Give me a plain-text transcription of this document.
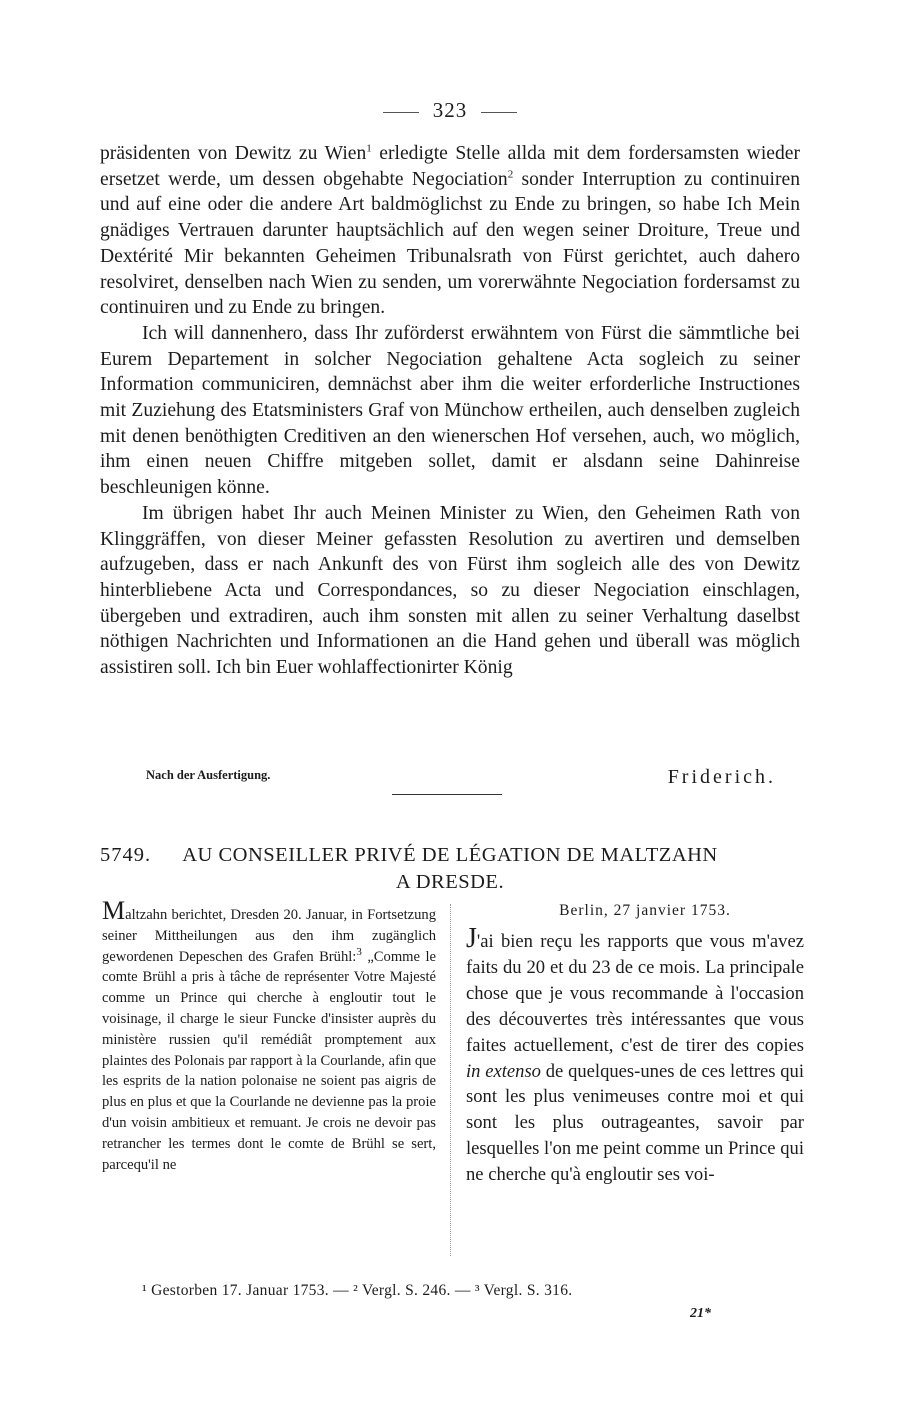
323

präsidenten von Dewitz zu Wien$^1$ erledigte Stelle allda mit dem fordersamsten wieder ersetzet werde, um dessen obgehabte Negociation$^2$ sonder Interruption zu continuiren und auf eine oder die andere Art baldmöglichst zu Ende zu bringen, so habe Ich Mein gnädiges Vertrauen darunter hauptsächlich auf den wegen seiner Droiture, Treue und Dextérité Mir bekannten Geheimen Tribunalsrath von Fürst gerichtet, auch dahero resolviret, denselben nach Wien zu senden, um vorerwähnte Negociation fordersamst zu continuiren und zu Ende zu bringen.

Ich will dannenhero, dass Ihr zuförderst erwähntem von Fürst die sämmtliche bei Eurem Departement in solcher Negociation gehaltene Acta sogleich zu seiner Information communiciren, demnächst aber ihm die weiter erforderliche Instructiones mit Zuziehung des Etatsministers Graf von Münchow ertheilen, auch denselben zugleich mit denen benöthigten Creditiven an den wienerschen Hof versehen, auch, wo möglich, ihm einen neuen Chiffre mitgeben sollet, damit er alsdann seine Dahinreise beschleunigen könne.

Im übrigen habet Ihr auch Meinen Minister zu Wien, den Geheimen Rath von Klinggräffen, von dieser Meiner gefassten Resolution zu avertiren und demselben aufzugeben, dass er nach Ankunft des von Fürst ihm sogleich alle des von Dewitz hinterbliebene Acta und Correspondances, so zu dieser Negociation einschlagen, übergeben und extradiren, auch ihm sonsten mit allen zu seiner Verhaltung daselbst nöthigen Nachrichten und Informationen an die Hand gehen und überall was möglich assistiren soll. Ich bin Euer wohlaffectionirter König

Nach der Ausfertigung.	Friderich.
5749.	AU CONSEILLER PRIVÉ DE LÉGATION DE MALTZAHN
A DRESDE.

Maltzahn berichtet, Dresden 20. Januar, in Fortsetzung seiner Mittheilungen aus den ihm zugänglich gewordenen Depeschen des Grafen Brühl:$^3$ „Comme le comte Brühl a pris à tâche de représenter Votre Majesté comme un Prince qui cherche à engloutir tout le voisinage, il charge le sieur Funcke d'insister auprès du ministère russien qu'il remédiât promptement aux plaintes des Polonais par rapport à la Courlande, afin que les esprits de la nation polonaise ne soient pas aigris de plus en plus et que la Courlande ne devienne pas la proie d'un voisin ambitieux et remuant. Je crois ne devoir pas retrancher les termes dont le comte de Brühl se sert, parcequ'il ne

Berlin, 27 janvier 1753.

J'ai bien reçu les rapports que vous m'avez faits du 20 et du 23 de ce mois. La principale chose que je vous recommande à l'occasion des découvertes très intéressantes que vous faites actuellement, c'est de tirer des copies in extenso de quelques-unes de ces lettres qui sont les plus venimeuses contre moi et qui sont les plus outrageantes, savoir par lesquelles l'on me peint comme un Prince qui ne cherche qu'à engloutir ses voi-

¹ Gestorben 17. Januar 1753. — ² Vergl. S. 246. — ³ Vergl. S. 316.
21*
